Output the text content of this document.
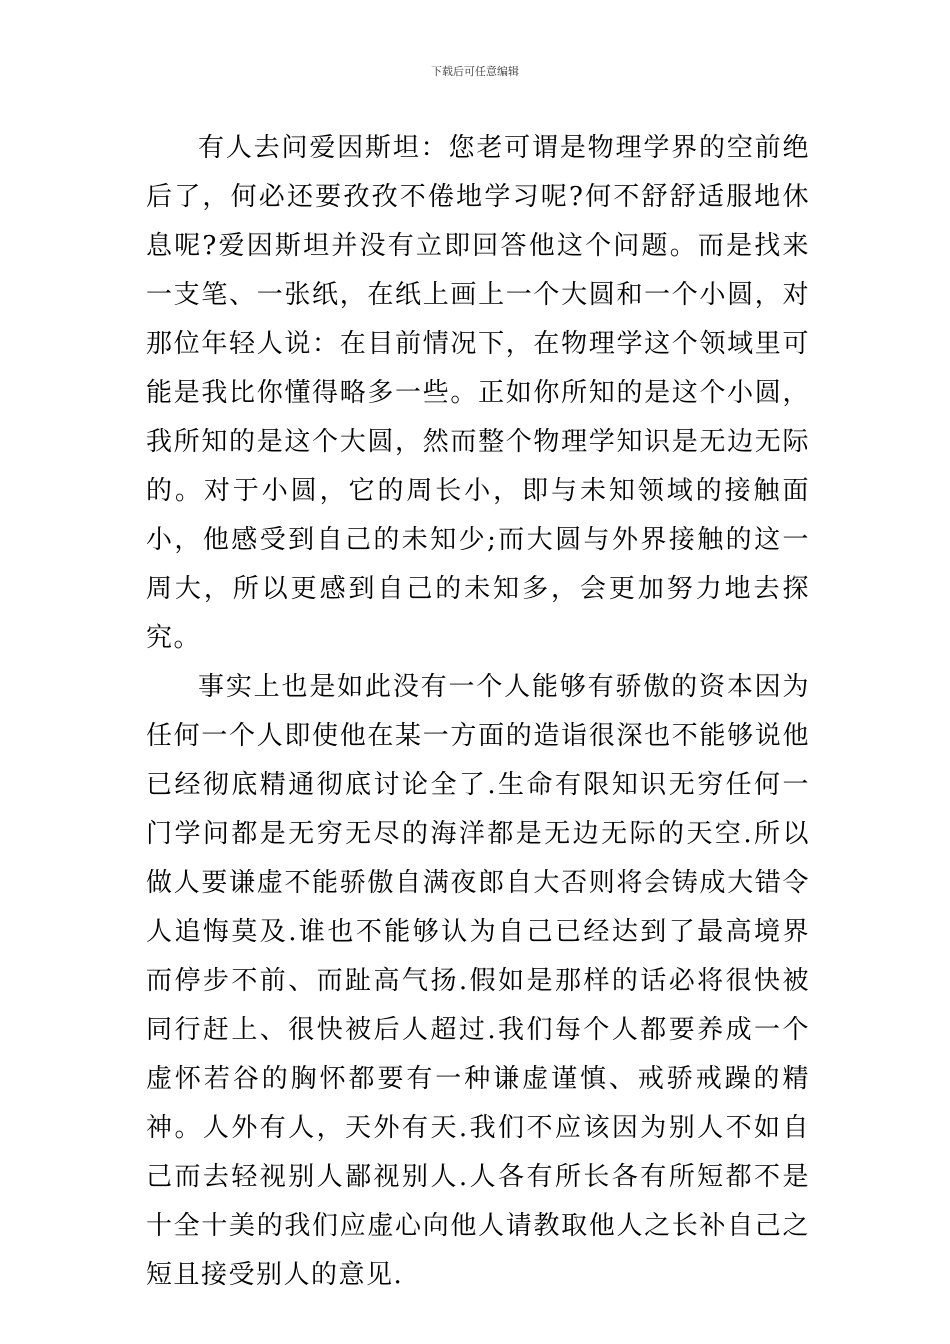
下载后可任意编辑

有人去问爱因斯坦：您老可谓是物理学界的空前绝后了，何必还要孜孜不倦地学习呢?何不舒舒适服地休息呢?爱因斯坦并没有立即回答他这个问题。而是找来一支笔、一张纸，在纸上画上一个大圆和一个小圆，对那位年轻人说：在目前情况下，在物理学这个领域里可能是我比你懂得略多一些。正如你所知的是这个小圆，我所知的是这个大圆，然而整个物理学知识是无边无际的。对于小圆，它的周长小，即与未知领域的接触面小，他感受到自己的未知少;而大圆与外界接触的这一周大，所以更感到自己的未知多，会更加努力地去探究。

事实上也是如此没有一个人能够有骄傲的资本因为任何一个人即使他在某一方面的造诣很深也不能够说他已经彻底精通彻底讨论全了.生命有限知识无穷任何一门学问都是无穷无尽的海洋都是无边无际的天空.所以做人要谦虚不能骄傲自满夜郎自大否则将会铸成大错令人追悔莫及.谁也不能够认为自己已经达到了最高境界而停步不前、而趾高气扬.假如是那样的话必将很快被同行赶上、很快被后人超过.我们每个人都要养成一个虚怀若谷的胸怀都要有一种谦虚谨慎、戒骄戒躁的精神。人外有人，天外有天.我们不应该因为别人不如自己而去轻视别人鄙视别人.人各有所长各有所短都不是十全十美的我们应虚心向他人请教取他人之长补自己之短且接受别人的意见.
